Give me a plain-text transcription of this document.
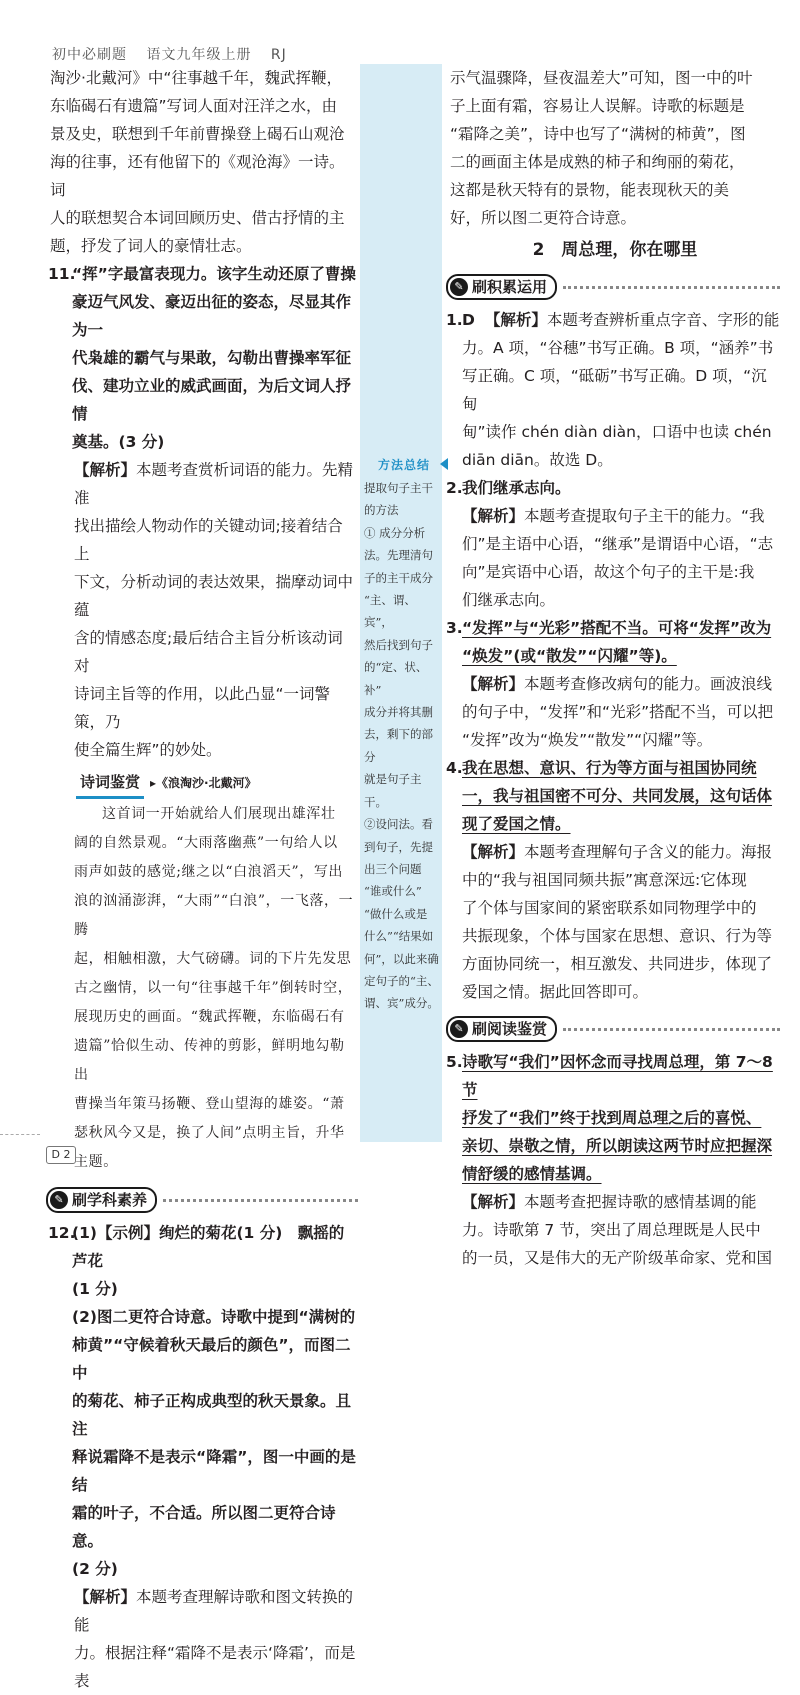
初中必刷题 语文九年级上册 RJ
方法总结

提取句子主干

的方法

① 成分分析

法。先理清句

子的主干成分

“主、谓、宾”，

然后找到句子

的“定、状、补”

成分并将其删

去，剩下的部分

就是句子主干。

②设问法。看

到句子，先提

出三个问题

“谁或什么”

“做什么或是

什么”“结果如

何”，以此来确

定句子的“主、

谓、宾”成分。

淘沙·北戴河》中“往事越千年，魏武挥鞭，

东临碣石有遗篇”写词人面对汪洋之水，由

景及史，联想到千年前曹操登上碣石山观沧

海的往事，还有他留下的《观沧海》一诗。词

人的联想契合本词回顾历史、借古抒情的主

题，抒发了词人的豪情壮志。

11.

“挥”字最富表现力。该字生动还原了曹操

豪迈气风发、豪迈出征的姿态，尽显其作为一

代枭雄的霸气与果敢，勾勒出曹操率军征

伐、建功立业的威武画面，为后文词人抒情

奠基。(3 分)

【解析】本题考查赏析词语的能力。先精准

找出描绘人物动作的关键动词;接着结合上

下文，分析动词的表达效果，揣摩动词中蕴

含的情感态度;最后结合主旨分析该动词对

诗词主旨等的作用，以此凸显“一词警策，乃

使全篇生辉”的妙处。

诗词鉴赏 ▸《浪淘沙·北戴河》

这首词一开始就给人们展现出雄浑壮

阔的自然景观。“大雨落幽燕”一句给人以

雨声如鼓的感觉;继之以“白浪滔天”，写出

浪的汹涌澎湃，“大雨”“白浪”，一飞落，一腾

起，相触相激，大气磅礴。词的下片先发思

古之幽情，以一句“往事越千年”倒转时空，

展现历史的画面。“魏武挥鞭，东临碣石有

遗篇”恰似生动、传神的剪影，鲜明地勾勒出

曹操当年策马扬鞭、登山望海的雄姿。“萧

瑟秋风今又是，换了人间”点明主旨，升华

主题。

✎ 刷学科素养
12.

(1)【示例】绚烂的菊花(1 分)　飘摇的芦花

(1 分)

(2)图二更符合诗意。诗歌中提到“满树的

柿黄”“守候着秋天最后的颜色”，而图二中

的菊花、柿子正构成典型的秋天景象。且注

释说霜降不是表示“降霜”，图一中画的是结

霜的叶子，不合适。所以图二更符合诗意。

(2 分)

【解析】本题考查理解诗歌和图文转换的能

力。根据注释“霜降不是表示‘降霜’，而是表

示气温骤降，昼夜温差大”可知，图一中的叶

子上面有霜，容易让人误解。诗歌的标题是

“霜降之美”，诗中也写了“满树的柿黄”，图

二的画面主体是成熟的柿子和绚丽的菊花，

这都是秋天特有的景物，能表现秋天的美

好，所以图二更符合诗意。

2　周总理，你在哪里
✎ 刷积累运用
1. D 【解析】本题考查辨析重点字音、字形的能

力。A 项，“谷穗”书写正确。B 项，“涵养”书

写正确。C 项，“砥砺”书写正确。D 项，“沉甸

甸”读作 chén diàn diàn，口语中也读 chén

diān diān。故选 D。

2. 我们继承志向。

【解析】本题考查提取句子主干的能力。“我

们”是主语中心语，“继承”是谓语中心语，“志

向”是宾语中心语，故这个句子的主干是:我

们继承志向。

3. “发挥”与“光彩”搭配不当。可将“发挥”改为

“焕发”(或“散发”“闪耀”等)。

【解析】本题考查修改病句的能力。画波浪线

的句子中，“发挥”和“光彩”搭配不当，可以把

“发挥”改为“焕发”“散发”“闪耀”等。

4. 我在思想、意识、行为等方面与祖国协同统

一，我与祖国密不可分、共同发展，这句话体

现了爱国之情。

【解析】本题考查理解句子含义的能力。海报

中的“我与祖国同频共振”寓意深远:它体现

了个体与国家间的紧密联系如同物理学中的

共振现象，个体与国家在思想、意识、行为等

方面协同统一，相互激发、共同进步，体现了

爱国之情。据此回答即可。

✎ 刷阅读鉴赏
5. 诗歌写“我们”因怀念而寻找周总理，第 7～8 节

抒发了“我们”终于找到周总理之后的喜悦、

亲切、崇敬之情，所以朗读这两节时应把握深

情舒缓的感情基调。

【解析】本题考查把握诗歌的感情基调的能

力。诗歌第 7 节，突出了周总理既是人民中

的一员，又是伟大的无产阶级革命家、党和国

D 2
